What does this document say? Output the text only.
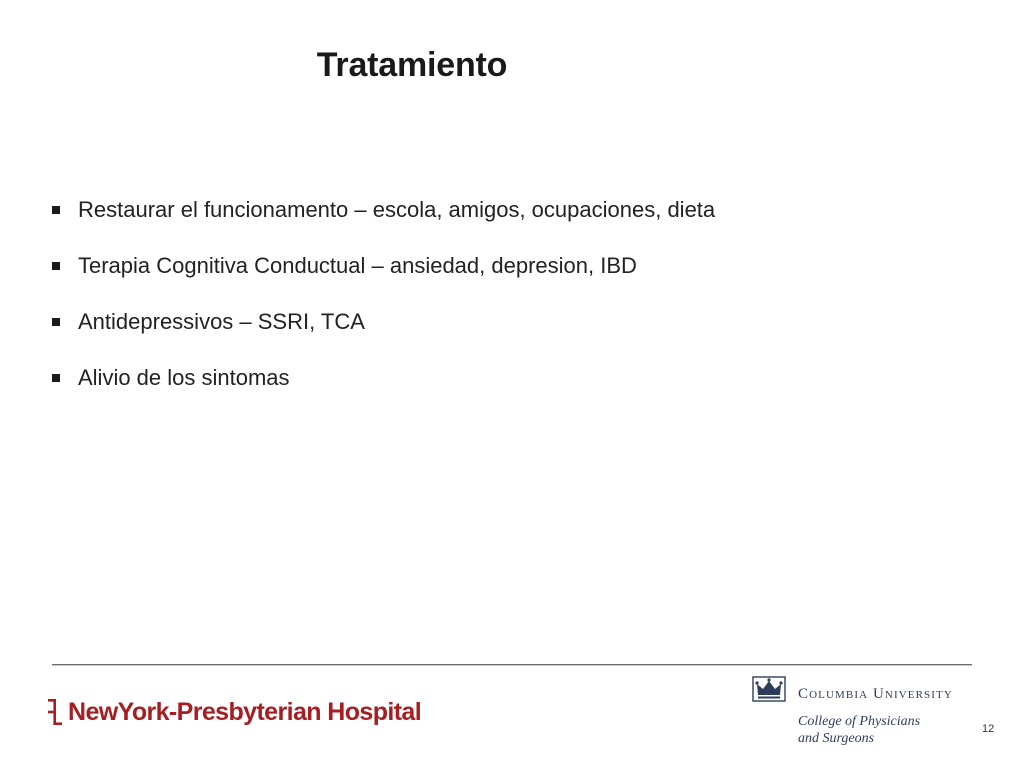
Tratamiento
Restaurar el funcionamento – escola, amigos, ocupaciones, dieta
Terapia Cognitiva Conductual – ansiedad, depresion, IBD
Antidepressivos – SSRI, TCA
Alivio de los sintomas
NewYork-Presbyterian Hospital

Columbia University

College of Physicians

and Surgeons

12
